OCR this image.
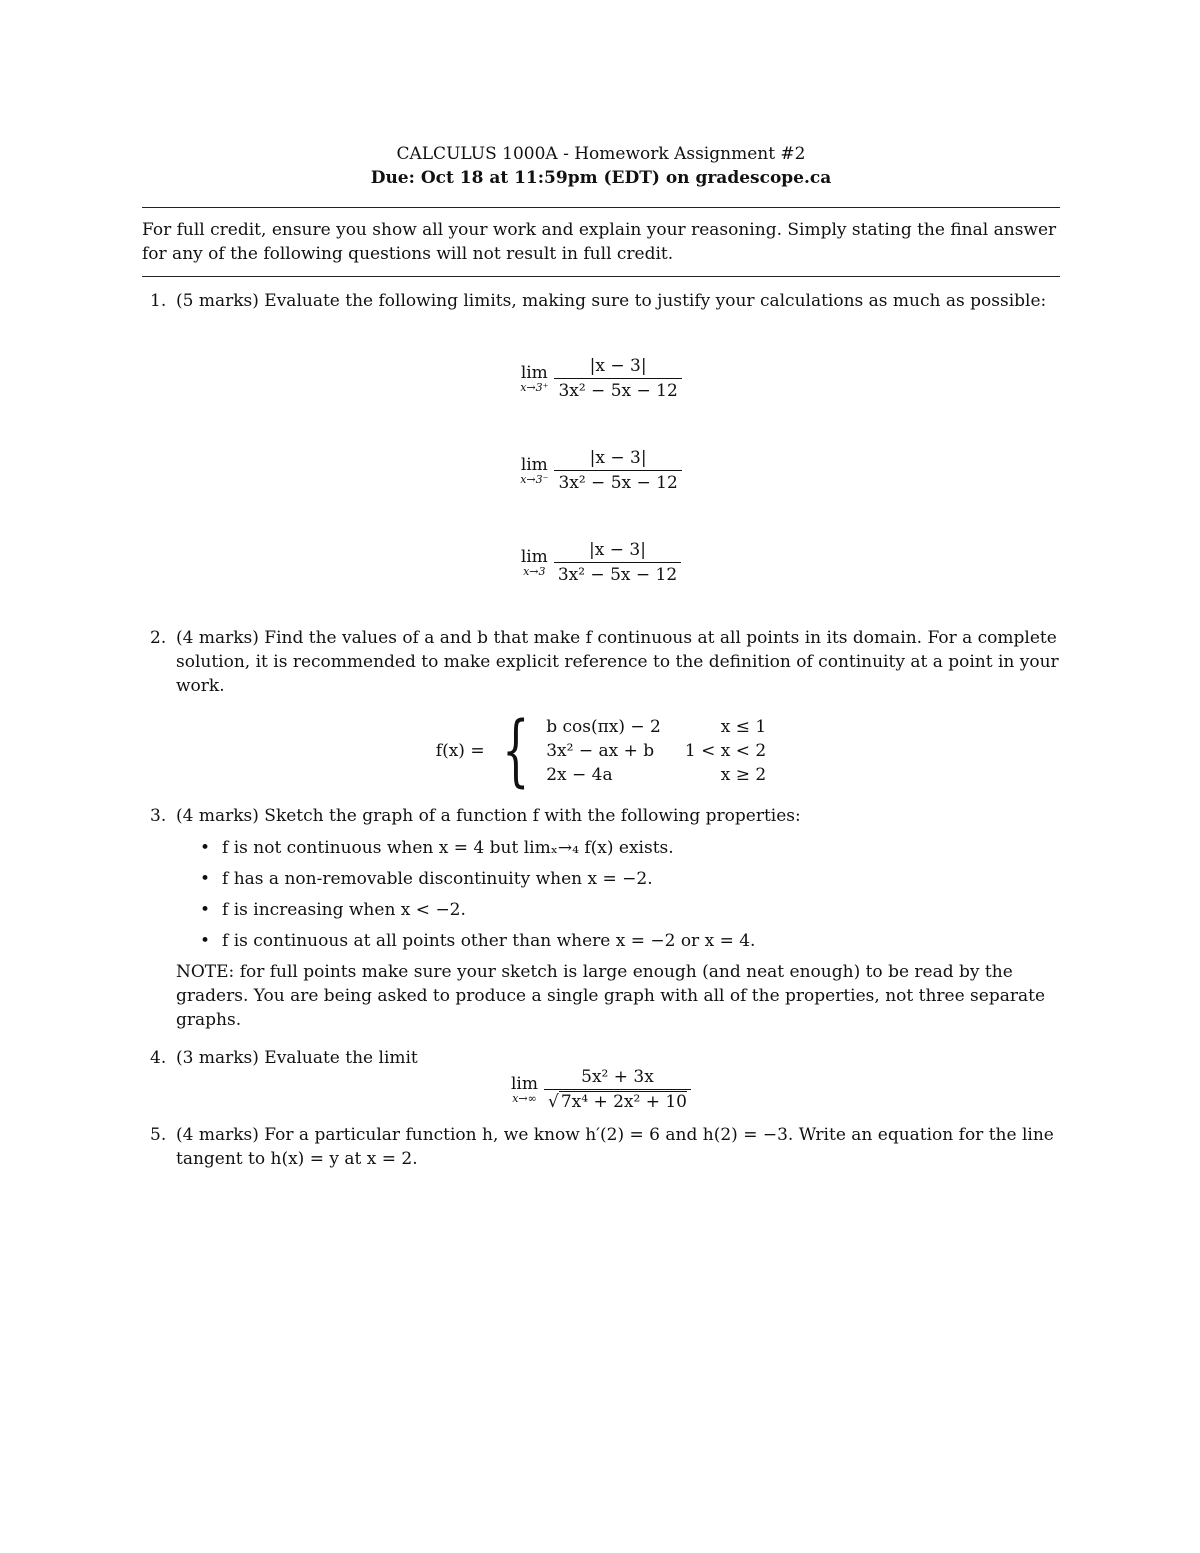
CALCULUS 1000A - Homework Assignment #2
Due: Oct 18 at 11:59pm (EDT) on gradescope.ca
For full credit, ensure you show all your work and explain your reasoning. Simply stating the final answer for any of the following questions will not result in full credit.
1. (5 marks) Evaluate the following limits, making sure to justify your calculations as much as possible:

lim
$x\to 3^+ \frac{|x - 3|}{\text{3x² − 5x − 12}}$
lim
$x\to 3^- \frac{|x - 3|}{\text{3x² − 5x − 12}}$
lim
$x\to 3 \frac{|x - 3|}{\text{3x² − 5x − 12}}$
2. (4 marks) Find the values of a and b that make f continuous at all points in its domain. For a complete solution, it is recommended to make explicit reference to the definition of continuity at a point in your work.

f(x) = { b cos(πx) − 2	x ≤ 1
3x² − ax + b	1 < x < 2
2x − 4a	x ≥ 2
3. (4 marks) Sketch the graph of a function f with the following properties:

• f is not continuous when x = 4 but limₓ→₄ f(x) exists.
• f has a non-removable discontinuity when x = −2.
• f is increasing when x < −2.
• f is continuous at all points other than where x = −2 or x = 4.

NOTE: for full points make sure your sketch is large enough (and neat enough) to be read by the graders. You are being asked to produce a single graph with all of the properties, not three separate graphs.

4. (3 marks) Evaluate the limit

lim
$x\to\infty \frac{\text{5x² + 3x}}{\text{√ 7x⁴ + 2x² + 10}}$
5. (4 marks) For a particular function h, we know h′(2) = 6 and h(2) = −3. Write an equation for the line tangent to h(x) = y at x = 2.
